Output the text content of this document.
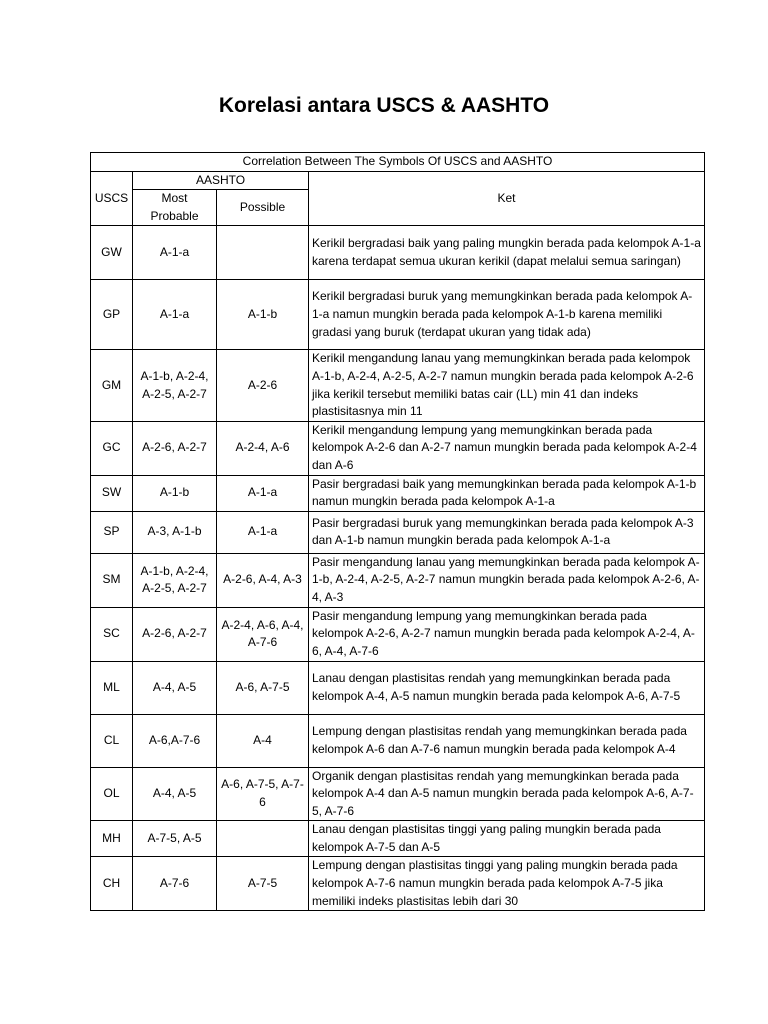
Korelasi antara USCS & AASHTO
Correlation Between The Symbols Of USCS and AASHTO			
USCS	AASHTO		Ket
	Most Probable	Possible	

GW	A-1-a		Kerikil bergradasi baik yang paling mungkin berada pada kelompok A-1-a karena terdapat semua ukuran kerikil (dapat melalui semua saringan)
GP	A-1-a	A-1-b	Kerikil bergradasi buruk yang memungkinkan berada pada kelompok A-1-a namun mungkin berada pada kelompok A-1-b karena memiliki gradasi yang buruk (terdapat ukuran yang tidak ada)
GM	A-1-b, A-2-4, A-2-5, A-2-7	A-2-6	Kerikil mengandung lanau yang memungkinkan berada pada kelompok A-1-b, A-2-4, A-2-5, A-2-7 namun mungkin berada pada kelompok A-2-6 jika kerikil tersebut memiliki batas cair (LL) min 41 dan indeks plastisitasnya min 11
GC	A-2-6, A-2-7	A-2-4, A-6	Kerikil mengandung lempung yang memungkinkan berada pada kelompok A-2-6 dan A-2-7 namun mungkin berada pada kelompok A-2-4 dan A-6
SW	A-1-b	A-1-a	Pasir bergradasi baik yang memungkinkan berada pada kelompok A-1-b namun mungkin berada pada kelompok A-1-a
SP	A-3, A-1-b	A-1-a	Pasir bergradasi buruk yang memungkinkan berada pada kelompok A-3 dan A-1-b namun mungkin berada pada kelompok A-1-a
SM	A-1-b, A-2-4, A-2-5, A-2-7	A-2-6, A-4, A-3	Pasir mengandung lanau yang memungkinkan berada pada kelompok A-1-b, A-2-4, A-2-5, A-2-7 namun mungkin berada pada kelompok A-2-6, A-4, A-3
SC	A-2-6, A-2-7	A-2-4, A-6, A-4, A-7-6	Pasir mengandung lempung yang memungkinkan berada pada kelompok A-2-6, A-2-7 namun mungkin berada pada kelompok A-2-4, A-6, A-4, A-7-6
ML	A-4, A-5	A-6, A-7-5	Lanau dengan plastisitas rendah yang memungkinkan berada pada kelompok A-4, A-5 namun mungkin berada pada kelompok A-6, A-7-5
CL	A-6,A-7-6	A-4	Lempung dengan plastisitas rendah yang memungkinkan berada pada kelompok A-6 dan A-7-6 namun mungkin berada pada kelompok A-4
OL	A-4, A-5	A-6, A-7-5, A-7-6	Organik dengan plastisitas rendah yang memungkinkan berada pada kelompok A-4 dan A-5 namun mungkin berada pada kelompok A-6, A-7-5, A-7-6
MH	A-7-5, A-5		Lanau dengan plastisitas tinggi yang paling mungkin berada pada kelompok A-7-5 dan A-5
CH	A-7-6	A-7-5	Lempung dengan plastisitas tinggi yang paling mungkin berada pada kelompok A-7-6 namun mungkin berada pada kelompok A-7-5 jika memiliki indeks plastisitas lebih dari 30
